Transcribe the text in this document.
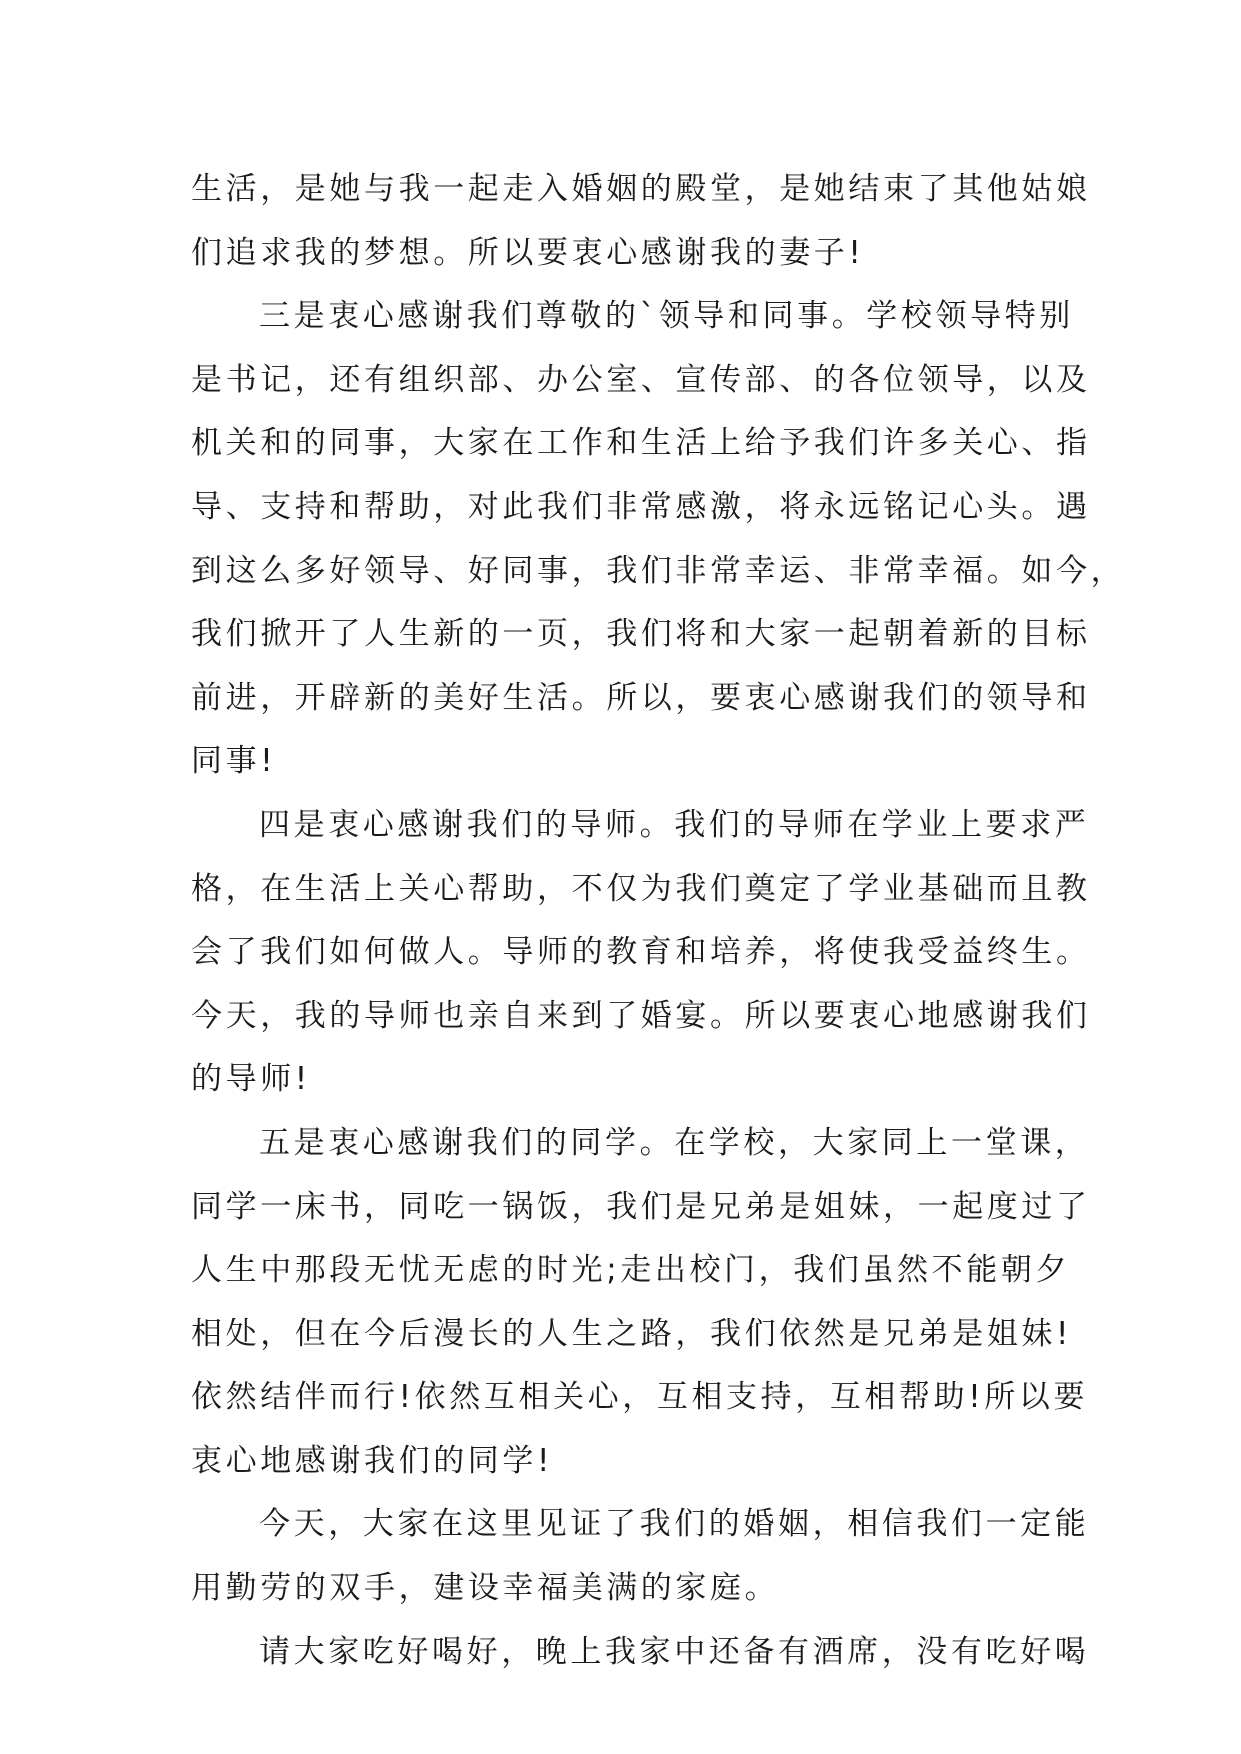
生活，是她与我一起走入婚姻的殿堂，是她结束了其他姑娘
们追求我的梦想。所以要衷心感谢我的妻子!
三是衷心感谢我们尊敬的`领导和同事。学校领导特别
是书记，还有组织部、办公室、宣传部、的各位领导，以及
机关和的同事，大家在工作和生活上给予我们许多关心、指
导、支持和帮助，对此我们非常感激，将永远铭记心头。遇
到这么多好领导、好同事，我们非常幸运、非常幸福。如今，
我们掀开了人生新的一页，我们将和大家一起朝着新的目标
前进，开辟新的美好生活。所以，要衷心感谢我们的领导和
同事!
四是衷心感谢我们的导师。我们的导师在学业上要求严
格，在生活上关心帮助，不仅为我们奠定了学业基础而且教
会了我们如何做人。导师的教育和培养，将使我受益终生。
今天，我的导师也亲自来到了婚宴。所以要衷心地感谢我们
的导师!
五是衷心感谢我们的同学。在学校，大家同上一堂课，
同学一床书，同吃一锅饭，我们是兄弟是姐妹，一起度过了
人生中那段无忧无虑的时光;走出校门，我们虽然不能朝夕
相处，但在今后漫长的人生之路，我们依然是兄弟是姐妹!
依然结伴而行!依然互相关心，互相支持，互相帮助!所以要
衷心地感谢我们的同学!
今天，大家在这里见证了我们的婚姻，相信我们一定能
用勤劳的双手，建设幸福美满的家庭。
请大家吃好喝好，晚上我家中还备有酒席，没有吃好喝
